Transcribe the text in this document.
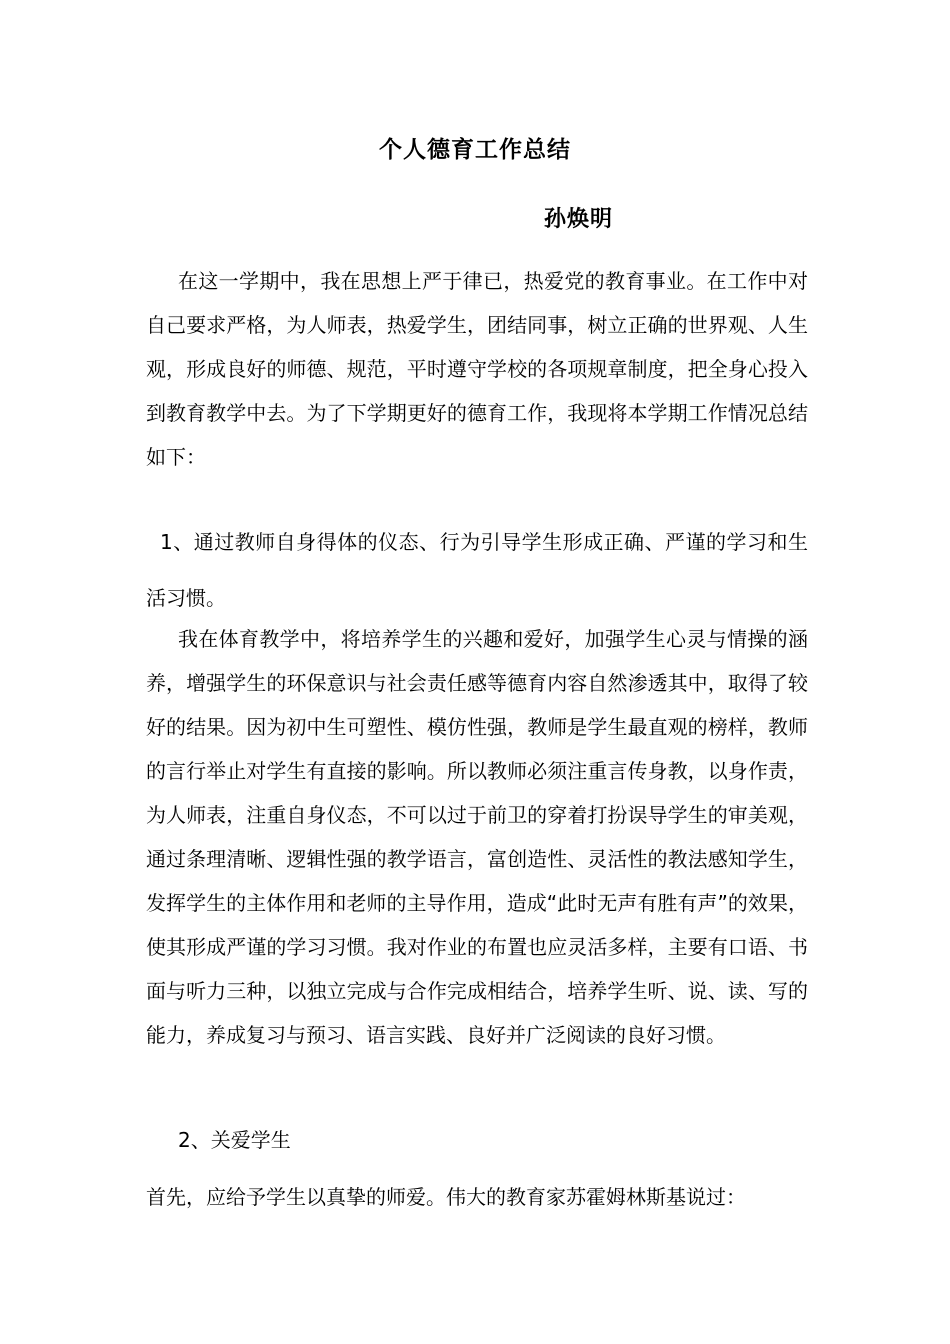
个人德育工作总结
孙焕明

在这一学期中，我在思想上严于律已，热爱党的教育事业。在工作中对自己要求严格，为人师表，热爱学生，团结同事，树立正确的世界观、人生观，形成良好的师德、规范，平时遵守学校的各项规章制度，把全身心投入到教育教学中去。为了下学期更好的德育工作，我现将本学期工作情况总结如下：

1、通过教师自身得体的仪态、行为引导学生形成正确、严谨的学习和生活习惯。

我在体育教学中，将培养学生的兴趣和爱好，加强学生心灵与情操的涵养，增强学生的环保意识与社会责任感等德育内容自然渗透其中，取得了较好的结果。因为初中生可塑性、模仿性强，教师是学生最直观的榜样，教师的言行举止对学生有直接的影响。所以教师必须注重言传身教，以身作责，为人师表，注重自身仪态，不可以过于前卫的穿着打扮误导学生的审美观，通过条理清晰、逻辑性强的教学语言，富创造性、灵活性的教法感知学生，发挥学生的主体作用和老师的主导作用，造成“此时无声有胜有声”的效果，使其形成严谨的学习习惯。我对作业的布置也应灵活多样，主要有口语、书面与听力三种，以独立完成与合作完成相结合，培养学生听、说、读、写的能力，养成复习与预习、语言实践、良好并广泛阅读的良好习惯。

2、关爱学生

首先，应给予学生以真挚的师爱。伟大的教育家苏霍姆林斯基说过：
